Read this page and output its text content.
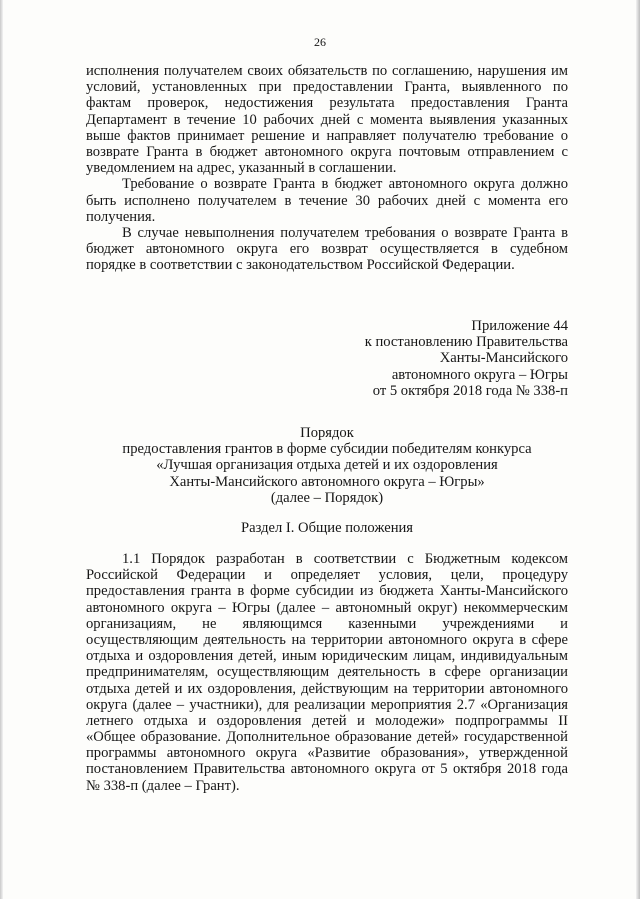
26
исполнения получателем своих обязательств по соглашению, нарушения им
условий, установленных при предоставлении Гранта, выявленного по
фактам проверок, недостижения результата предоставления Гранта
Департамент в течение 10 рабочих дней с момента выявления указанных
выше фактов принимает решение и направляет получателю требование о
возврате Гранта в бюджет автономного округа почтовым отправлением с
уведомлением на адрес, указанный в соглашении.
Требование о возврате Гранта в бюджет автономного округа должно
быть исполнено получателем в течение 30 рабочих дней с момента его
получения.
В случае невыполнения получателем требования о возврате Гранта в
бюджет автономного округа его возврат осуществляется в судебном
порядке в соответствии с законодательством Российской Федерации.
Приложение 44
к постановлению Правительства
Ханты-Мансийского
автономного округа – Югры
от 5 октября 2018 года № 338-п
Порядок
предоставления грантов в форме субсидии победителям конкурса
«Лучшая организация отдыха детей и их оздоровления
Ханты-Мансийского автономного округа – Югры»
(далее – Порядок)
Раздел I. Общие положения
1.1 Порядок разработан в соответствии с Бюджетным кодексом
Российской Федерации и определяет условия, цели, процедуру
предоставления гранта в форме субсидии из бюджета Ханты-Мансийского
автономного округа – Югры (далее – автономный округ) некоммерческим
организациям, не являющимся казенными учреждениями и
осуществляющим деятельность на территории автономного округа в сфере
отдыха и оздоровления детей, иным юридическим лицам, индивидуальным
предпринимателям, осуществляющим деятельность в сфере организации
отдыха детей и их оздоровления, действующим на территории автономного
округа (далее – участники), для реализации мероприятия 2.7 «Организация
летнего отдыха и оздоровления детей и молодежи» подпрограммы II
«Общее образование. Дополнительное образование детей» государственной
программы автономного округа «Развитие образования», утвержденной
постановлением Правительства автономного округа от 5 октября 2018 года
№ 338-п (далее – Грант).
